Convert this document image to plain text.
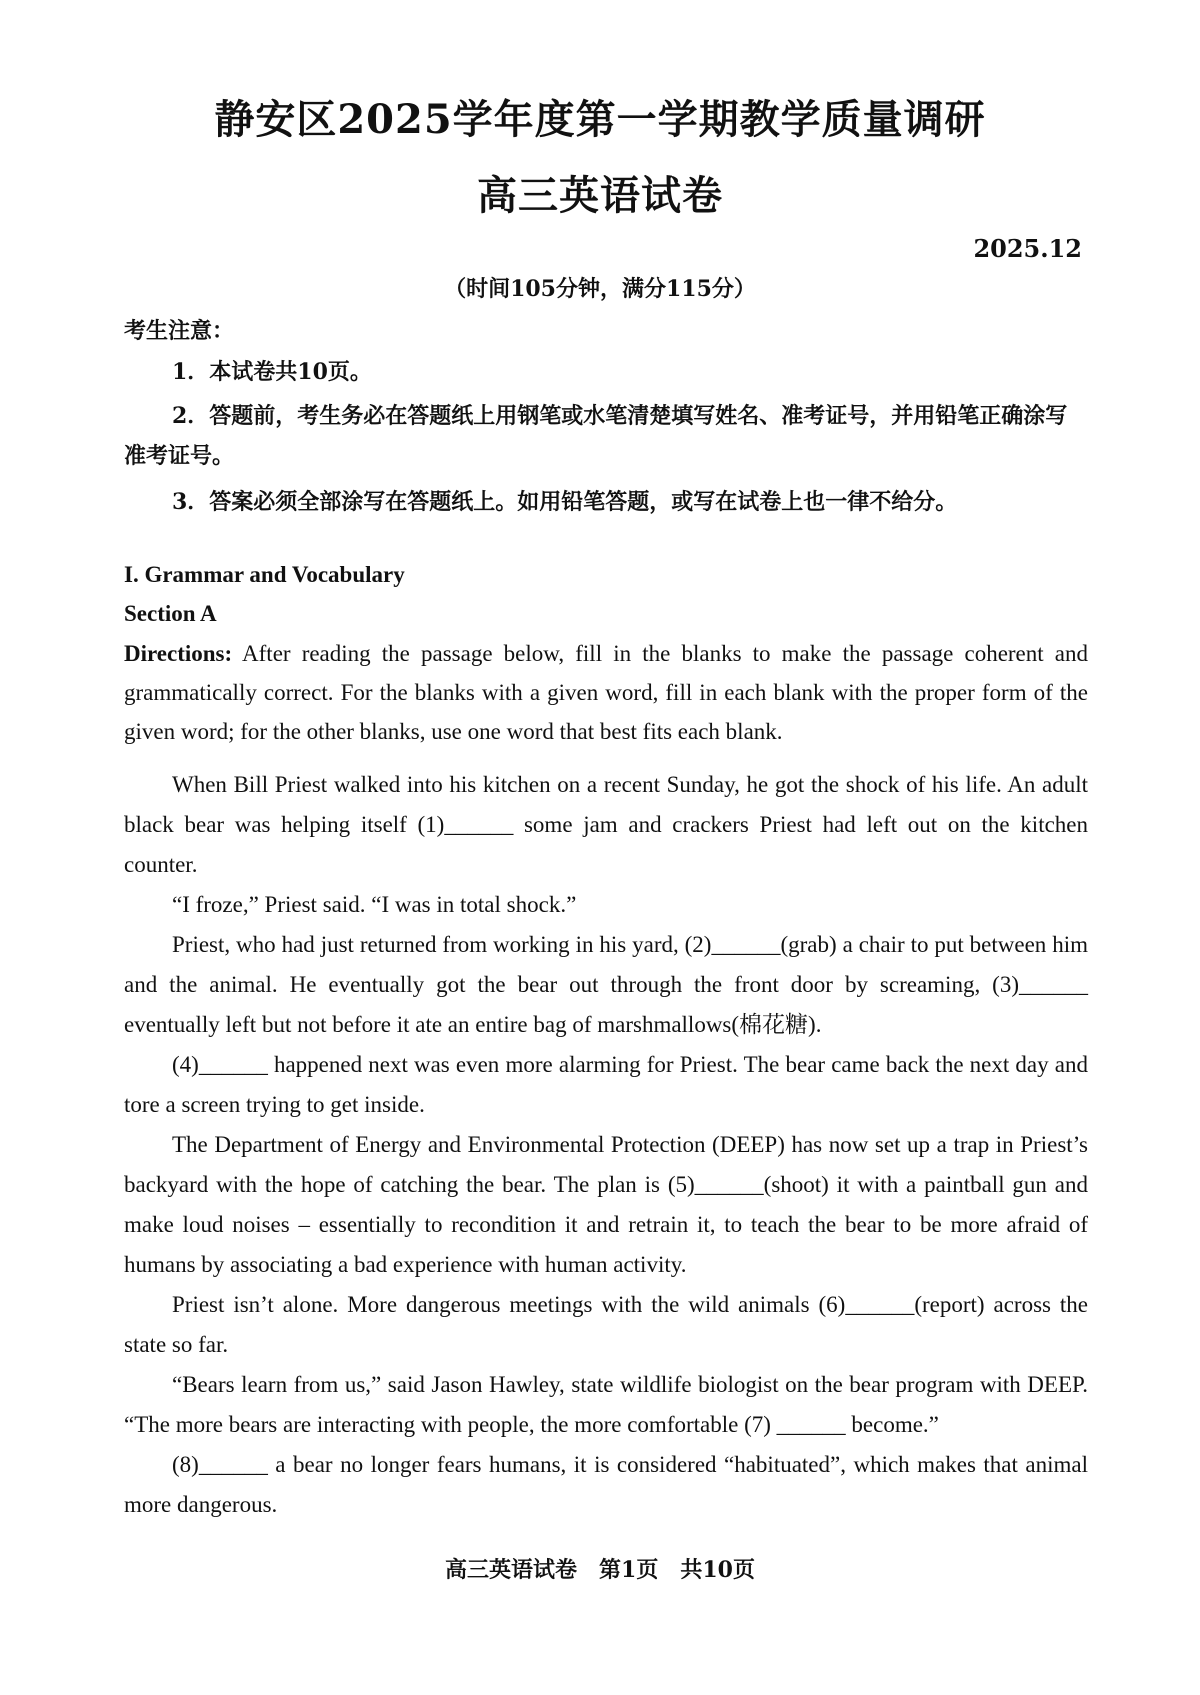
静安区2025学年度第一学期教学质量调研
高三英语试卷
2025.12
（时间105分钟，满分115分）
考生注意：
1．本试卷共10页。
2．答题前，考生务必在答题纸上用钢笔或水笔清楚填写姓名、准考证号，并用铅笔正确涂写准考证号。
3．答案必须全部涂写在答题纸上。如用铅笔答题，或写在试卷上也一律不给分。
I. Grammar and Vocabulary
Section A
Directions: After reading the passage below, fill in the blanks to make the passage coherent and grammatically correct. For the blanks with a given word, fill in each blank with the proper form of the given word; for the other blanks, use one word that best fits each blank.

When Bill Priest walked into his kitchen on a recent Sunday, he got the shock of his life. An adult black bear was helping itself (1)______ some jam and crackers Priest had left out on the kitchen counter.

“I froze,” Priest said. “I was in total shock.”

Priest, who had just returned from working in his yard, (2)______(grab) a chair to put between him and the animal. He eventually got the bear out through the front door by screaming, (3)______ eventually left but not before it ate an entire bag of marshmallows(棉花糖).

(4)______ happened next was even more alarming for Priest. The bear came back the next day and tore a screen trying to get inside.

The Department of Energy and Environmental Protection (DEEP) has now set up a trap in Priest’s backyard with the hope of catching the bear. The plan is (5)______(shoot) it with a paintball gun and make loud noises – essentially to recondition it and retrain it, to teach the bear to be more afraid of humans by associating a bad experience with human activity.

Priest isn’t alone. More dangerous meetings with the wild animals (6)______(report) across the state so far.

“Bears learn from us,” said Jason Hawley, state wildlife biologist on the bear program with DEEP. “The more bears are interacting with people, the more comfortable (7) ______ become.”

(8)______ a bear no longer fears humans, it is considered “habituated”, which makes that animal more dangerous.

高三英语试卷　第1页　共10页
